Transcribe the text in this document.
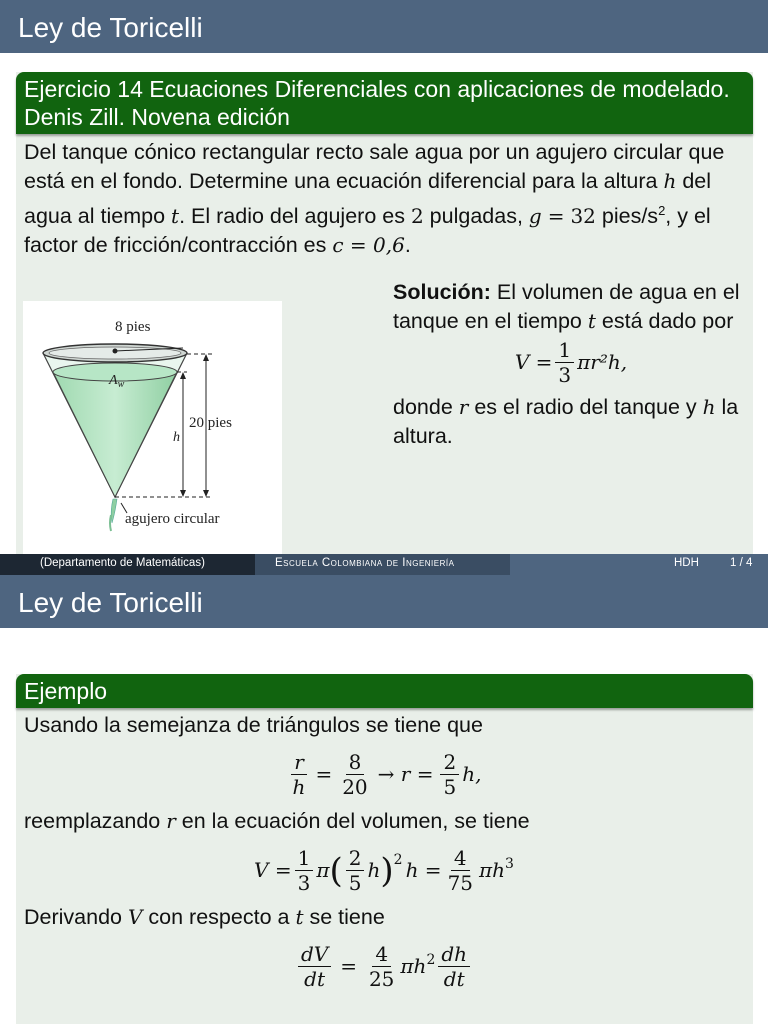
Ley de Toricelli
Ejercicio 14 Ecuaciones Diferenciales con aplicaciones de modelado. Denis Zill. Novena edición
Del tanque cónico rectangular recto sale agua por un agujero circular que está en el fondo. Determine una ecuación diferencial para la altura h del agua al tiempo t. El radio del agujero es 2 pulgadas, g = 32 pies/$s^2$, y el factor de fricción/contracción es c = 0,6.
8 pies
$A_w$
20 pies
h
agujero circular
Solución: El volumen de agua en el tanque en el tiempo t está dado por
$V = \frac{1}{3} \pi r^2h$,
donde r es el radio del tanque y h la altura.
(Departamento de Matemáticas)	Escuela Colombiana de Ingeniería	HDH	1 / 4
Ley de Toricelli
Ejemplo
Usando la semejanza de triángulos se tiene que
$\frac{r}{h} = \frac{8}{20} \to r = \frac{2}{5} h$,
reemplazando r en la ecuación del volumen, se tiene
$V = \frac{1}{3}$ π ( $\frac{2}{5}$ h )$^2$ $h = \frac{4}{75} \pi h^3$
Derivando V con respecto a t se tiene
$\frac{dV}{dt} = \frac{4}{25} \pi h^2 \frac{dh}{dt}$
